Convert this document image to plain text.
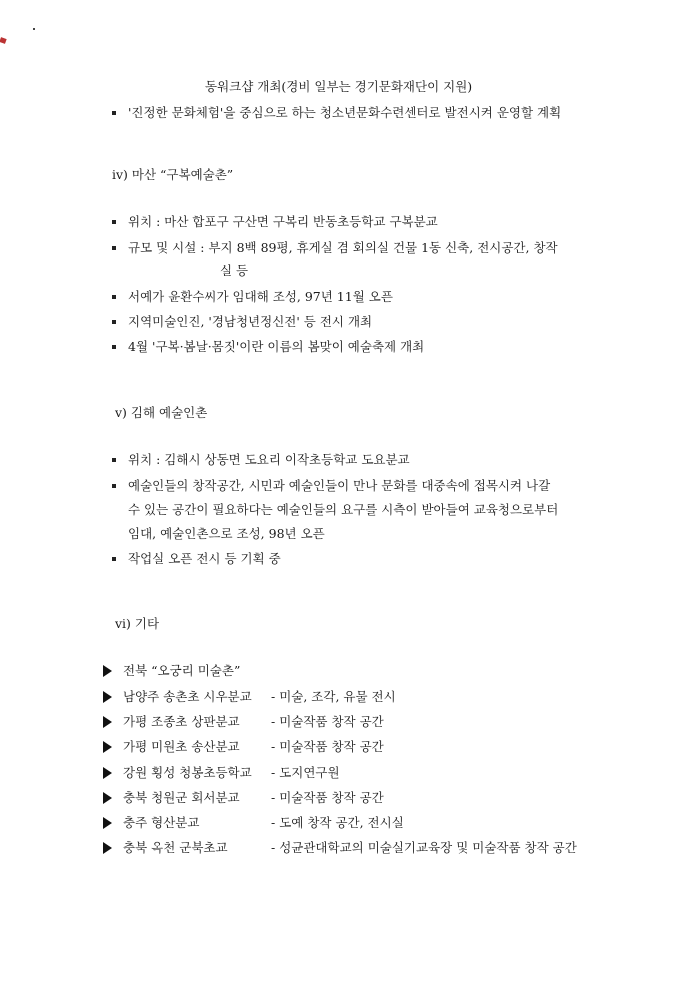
동워크샵 개최(경비 일부는 경기문화재단이 지원)
'진정한 문화체험'을 중심으로 하는 청소년문화수련센터로 발전시켜 운영할 계획
iv) 마산 “구복예술촌”
위치 : 마산 합포구 구산면 구복리 반동초등학교 구복분교
규모 및 시설 : 부지 8백 89평, 휴게실 겸 회의실 건물 1동 신축, 전시공간, 창작
실 등
서예가 윤환수씨가 임대해 조성, 97년 11월 오픈
지역미술인진, '경남청년정신전' 등 전시 개최
4월 '구복·봄날·몸짓'이란 이름의 봄맞이 예술축제 개최
v) 김해 예술인촌
위치 : 김해시 상동면 도요리 이작초등학교 도요분교
예술인들의 창작공간, 시민과 예술인들이 만나 문화를 대중속에 접목시켜 나갈
수 있는 공간이 필요하다는 예술인들의 요구를 시측이 받아들여 교육청으로부터
임대, 예술인촌으로 조성, 98년 오픈
작업실 오픈 전시 등 기획 중
vi) 기타
전북 “오궁리 미술촌”
남양주 송촌초 시우분교 - 미술, 조각, 유물 전시
가평 조종초 상판분교	- 미술작품 창작 공간
가평 미원초 송산분교	- 미술작품 창작 공간
강원 횡성 청봉초등학교 - 도지연구원
충북 청원군 회서분교	- 미술작품 창작 공간
충주 형산분교	- 도예 창작 공간, 전시실
충북 옥천 군북초교	- 성균관대학교의 미술실기교육장 및 미술작품 창작 공간
